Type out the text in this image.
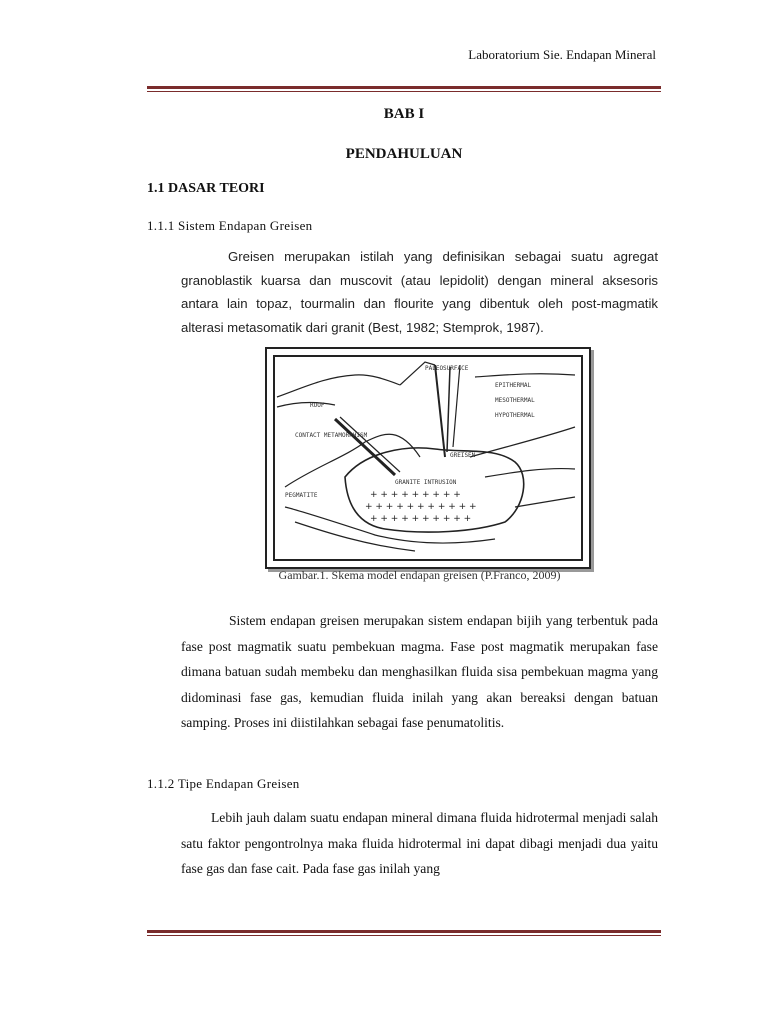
Laboratorium Sie. Endapan Mineral
BAB I
PENDAHULUAN
1.1 DASAR TEORI
1.1.1 Sistem Endapan Greisen
Greisen merupakan istilah yang definisikan sebagai suatu agregat granoblastik kuarsa dan muscovit (atau lepidolit) dengan mineral aksesoris antara lain topaz, tourmalin dan flourite yang dibentuk oleh post-magmatik alterasi metasomatik dari granit (Best, 1982; Stemprok, 1987).
PALEOSURFACE
ROOF
CONTACT METAMORPHISM
GRANITE INTRUSION
GREISEN
EPITHERMAL
MESOTHERMAL
HYPOTHERMAL
PEGMATITE	+ + + + + + + + +
+ + + + + + + + + + +
+ + + + + + + + + +
Gambar.1. Skema model endapan greisen (P.Franco, 2009)
Sistem endapan greisen merupakan sistem endapan bijih yang terbentuk pada fase post magmatik suatu pembekuan magma. Fase post magmatik merupakan fase dimana batuan sudah membeku dan menghasilkan fluida sisa pembekuan magma yang didominasi fase gas, kemudian fluida inilah yang akan bereaksi dengan batuan samping. Proses ini diistilahkan sebagai fase penumatolitis.
1.1.2 Tipe Endapan Greisen
Lebih jauh dalam suatu endapan mineral dimana fluida hidrotermal menjadi salah satu faktor pengontrolnya maka fluida hidrotermal ini dapat dibagi menjadi dua yaitu fase gas dan fase cait. Pada fase gas inilah yang
